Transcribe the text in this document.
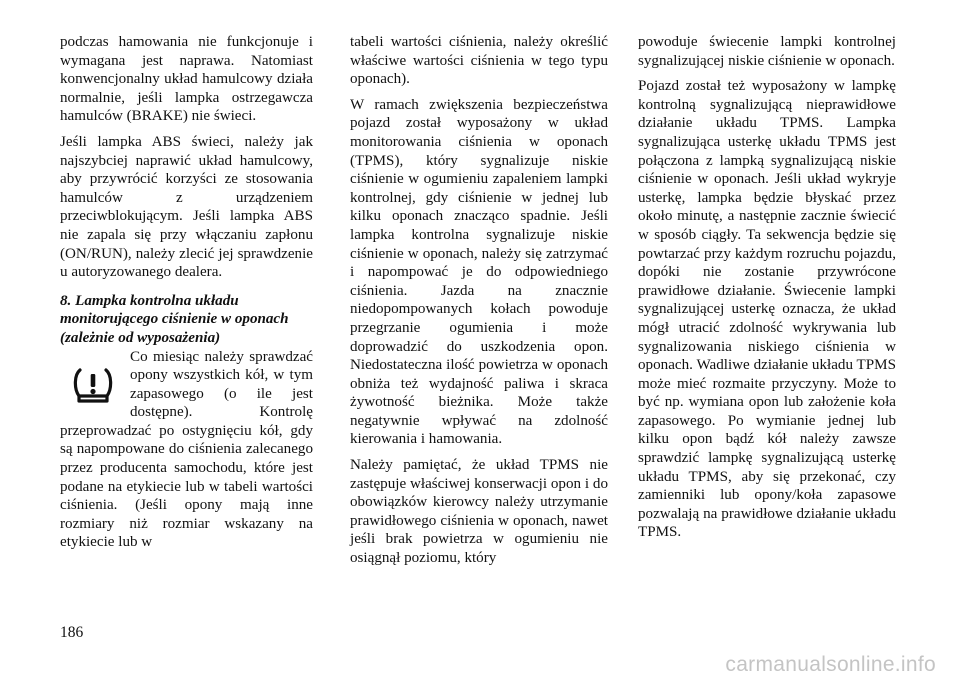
podczas hamowania nie funkcjonuje i wymagana jest naprawa. Natomiast konwencjonalny układ hamulcowy działa normalnie, jeśli lampka ostrzegawcza hamulców (BRAKE) nie świeci.

Jeśli lampka ABS świeci, należy jak najszybciej naprawić układ hamulcowy, aby przywrócić korzyści ze stosowania hamulców z urządzeniem przeciwblokującym. Jeśli lampka ABS nie zapala się przy włączaniu zapłonu (ON/RUN), należy zlecić jej sprawdzenie u autoryzowanego dealera.

8. Lampka kontrolna układu monitorującego ciśnienie w oponach (zależnie od wyposażenia)

Co miesiąc należy sprawdzać opony wszystkich kół, w tym zapasowego (o ile jest dostępne). Kontrolę przeprowadzać po ostygnięciu kół, gdy są napompowane do ciśnienia zalecanego przez producenta samochodu, które jest podane na etykiecie lub w tabeli wartości ciśnienia. (Jeśli opony mają inne rozmiary niż rozmiar wskazany na etykiecie lub w

tabeli wartości ciśnienia, należy określić właściwe wartości ciśnienia w tego typu oponach).

W ramach zwiększenia bezpieczeństwa pojazd został wyposażony w układ monitorowania ciśnienia w oponach (TPMS), który sygnalizuje niskie ciśnienie w ogumieniu zapaleniem lampki kontrolnej, gdy ciśnienie w jednej lub kilku oponach znacząco spadnie. Jeśli lampka kontrolna sygnalizuje niskie ciśnienie w oponach, należy się zatrzymać i napompować je do odpowiedniego ciśnienia. Jazda na znacznie niedopompowanych kołach powoduje przegrzanie ogumienia i może doprowadzić do uszkodzenia opon. Niedostateczna ilość powietrza w oponach obniża też wydajność paliwa i skraca żywotność bieżnika. Może także negatywnie wpływać na zdolność kierowania i hamowania.

Należy pamiętać, że układ TPMS nie zastępuje właściwej konserwacji opon i do obowiązków kierowcy należy utrzymanie prawidłowego ciśnienia w oponach, nawet jeśli brak powietrza w ogumieniu nie osiągnął poziomu, który

powoduje świecenie lampki kontrolnej sygnalizującej niskie ciśnienie w oponach.

Pojazd został też wyposażony w lampkę kontrolną sygnalizującą nieprawidłowe działanie układu TPMS. Lampka sygnalizująca usterkę układu TPMS jest połączona z lampką sygnalizującą niskie ciśnienie w oponach. Jeśli układ wykryje usterkę, lampka będzie błyskać przez około minutę, a następnie zacznie świecić w sposób ciągły. Ta sekwencja będzie się powtarzać przy każdym rozruchu pojazdu, dopóki nie zostanie przywrócone prawidłowe działanie. Świecenie lampki sygnalizującej usterkę oznacza, że układ mógł utracić zdolność wykrywania lub sygnalizowania niskiego ciśnienia w oponach. Wadliwe działanie układu TPMS może mieć rozmaite przyczyny. Może to być np. wymiana opon lub założenie koła zapasowego. Po wymianie jednej lub kilku opon bądź kół należy zawsze sprawdzić lampkę sygnalizującą usterkę układu TPMS, aby się przekonać, czy zamienniki lub opony/koła zapasowe pozwalają na prawidłowe działanie układu TPMS.

186
carmanualsonline.info
